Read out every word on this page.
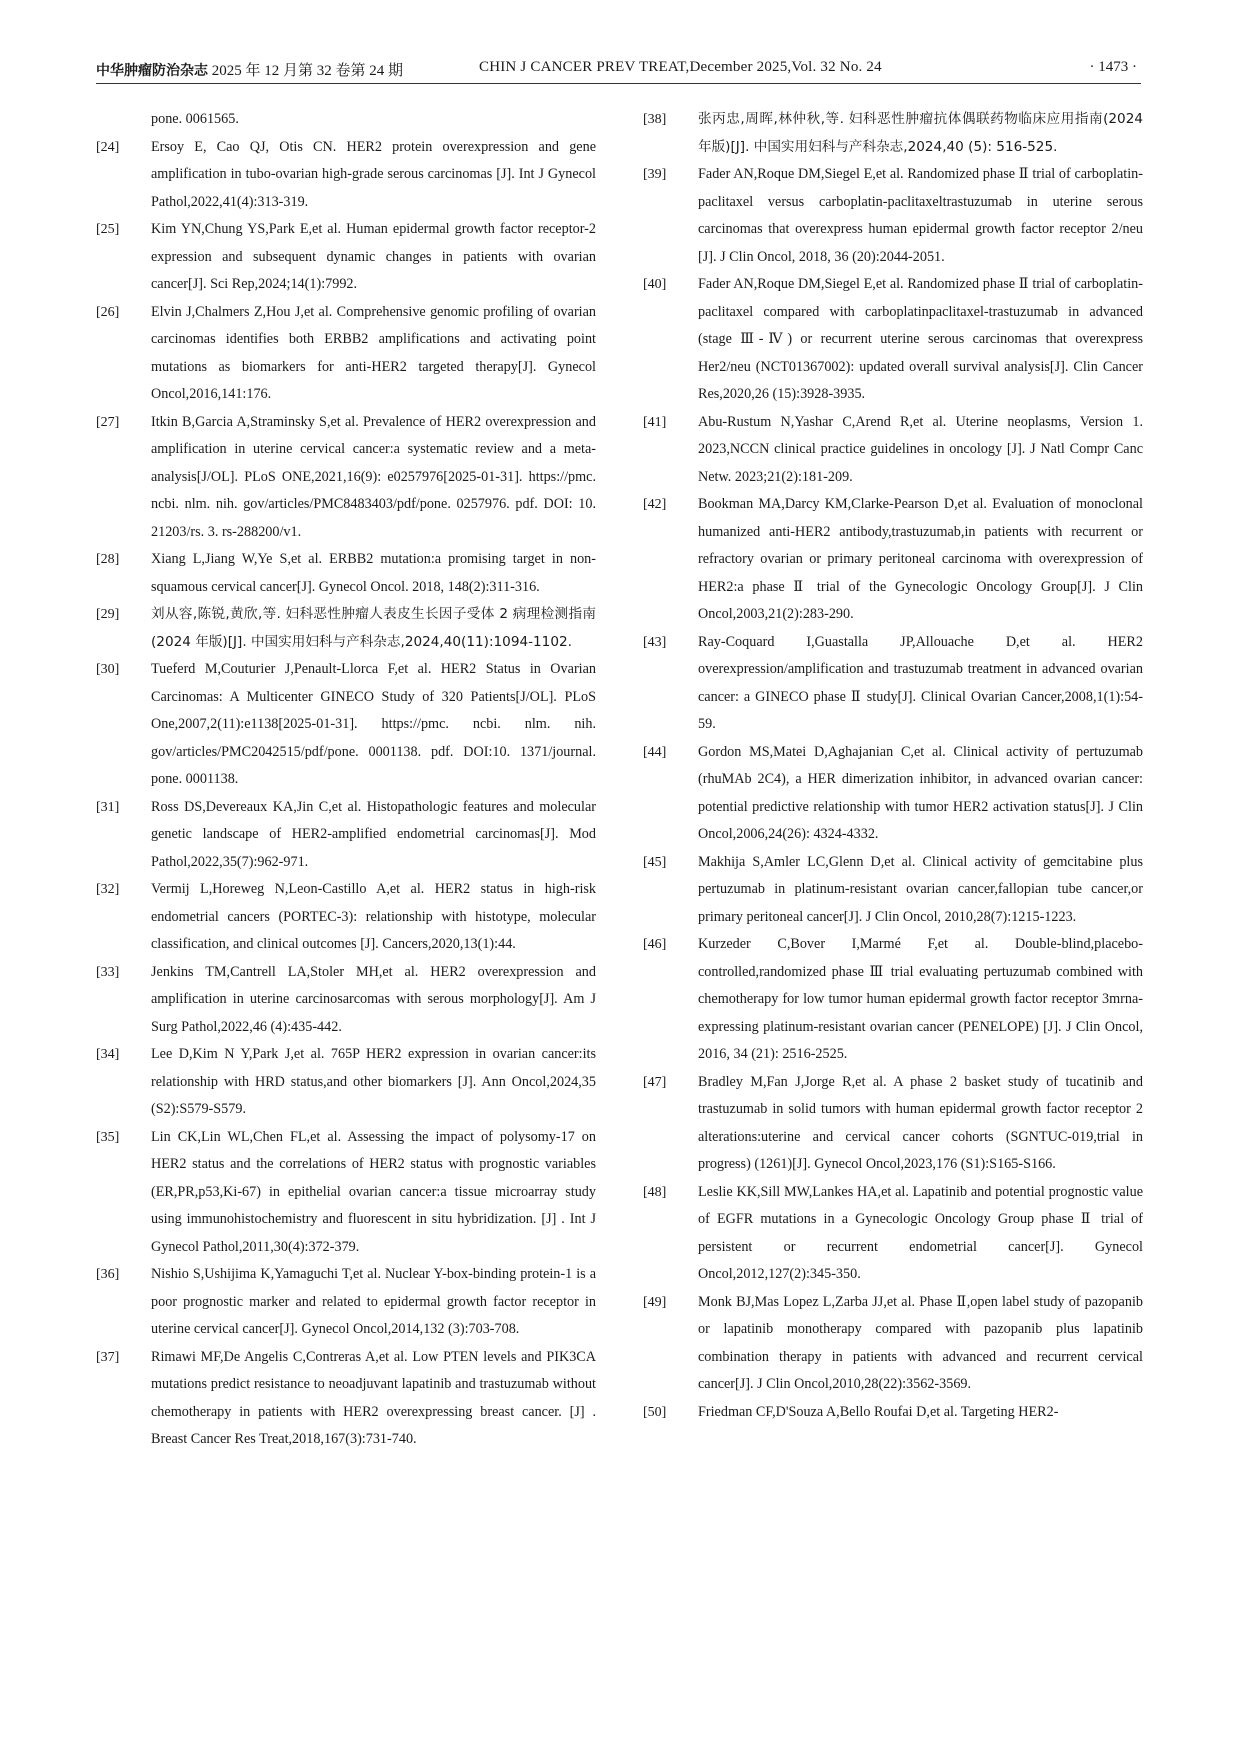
中华肿瘤防治杂志 2025 年 12 月第 32 卷第 24 期	CHIN J CANCER PREV TREAT,December 2025,Vol. 32 No. 24	· 1473 ·

pone. 0061565.

[24] Ersoy E, Cao QJ, Otis CN. HER2 protein overexpression and gene amplification in tubo-ovarian high-grade serous carcinomas [J]. Int J Gynecol Pathol,2022,41(4):313-319.

[25] Kim YN,Chung YS,Park E,et al. Human epidermal growth factor receptor-2 expression and subsequent dynamic changes in patients with ovarian cancer[J]. Sci Rep,2024;14(1):7992.

[26] Elvin J,Chalmers Z,Hou J,et al. Comprehensive genomic profiling of ovarian carcinomas identifies both ERBB2 amplifications and activating point mutations as biomarkers for anti-HER2 targeted therapy[J]. Gynecol Oncol,2016,141:176.

[27] Itkin B,Garcia A,Straminsky S,et al. Prevalence of HER2 overexpression and amplification in uterine cervical cancer:a systematic review and a meta-analysis[J/OL]. PLoS ONE,2021,16(9): e0257976[2025-01-31]. https://pmc. ncbi. nlm. nih. gov/articles/PMC8483403/pdf/pone. 0257976. pdf. DOI: 10. 21203/rs. 3. rs-288200/v1.

[28] Xiang L,Jiang W,Ye S,et al. ERBB2 mutation:a promising target in non-squamous cervical cancer[J]. Gynecol Oncol. 2018, 148(2):311-316.

[29] 刘从容,陈锐,黄欣,等. 妇科恶性肿瘤人表皮生长因子受体 2 病理检测指南(2024 年版)[J]. 中国实用妇科与产科杂志,2024,40(11):1094-1102.

[30] Tueferd M,Couturier J,Penault-Llorca F,et al. HER2 Status in Ovarian Carcinomas: A Multicenter GINECO Study of 320 Patients[J/OL]. PLoS One,2007,2(11):e1138[2025-01-31]. https://pmc. ncbi. nlm. nih. gov/articles/PMC2042515/pdf/pone. 0001138. pdf. DOI:10. 1371/journal. pone. 0001138.

[31] Ross DS,Devereaux KA,Jin C,et al. Histopathologic features and molecular genetic landscape of HER2-amplified endometrial carcinomas[J]. Mod Pathol,2022,35(7):962-971.

[32] Vermij L,Horeweg N,Leon-Castillo A,et al. HER2 status in high-risk endometrial cancers (PORTEC-3): relationship with histotype, molecular classification, and clinical outcomes [J]. Cancers,2020,13(1):44.

[33] Jenkins TM,Cantrell LA,Stoler MH,et al. HER2 overexpression and amplification in uterine carcinosarcomas with serous morphology[J]. Am J Surg Pathol,2022,46 (4):435-442.

[34] Lee D,Kim N Y,Park J,et al. 765P HER2 expression in ovarian cancer:its relationship with HRD status,and other biomarkers [J]. Ann Oncol,2024,35 (S2):S579-S579.

[35] Lin CK,Lin WL,Chen FL,et al. Assessing the impact of polysomy-17 on HER2 status and the correlations of HER2 status with prognostic variables (ER,PR,p53,Ki-67) in epithelial ovarian cancer:a tissue microarray study using immunohistochemistry and fluorescent in situ hybridization. [J] . Int J Gynecol Pathol,2011,30(4):372-379.

[36] Nishio S,Ushijima K,Yamaguchi T,et al. Nuclear Y-box-binding protein-1 is a poor prognostic marker and related to epidermal growth factor receptor in uterine cervical cancer[J]. Gynecol Oncol,2014,132 (3):703-708.

[37] Rimawi MF,De Angelis C,Contreras A,et al. Low PTEN levels and PIK3CA mutations predict resistance to neoadjuvant lapatinib and trastuzumab without chemotherapy in patients with HER2 overexpressing breast cancer. [J] . Breast Cancer Res Treat,2018,167(3):731-740.

[38] 张丙忠,周晖,林仲秋,等. 妇科恶性肿瘤抗体偶联药物临床应用指南(2024 年版)[J]. 中国实用妇科与产科杂志,2024,40 (5): 516-525.

[39] Fader AN,Roque DM,Siegel E,et al. Randomized phase Ⅱ trial of carboplatin-paclitaxel versus carboplatin-paclitaxeltrastuzumab in uterine serous carcinomas that overexpress human epidermal growth factor receptor 2/neu [J]. J Clin Oncol, 2018, 36 (20):2044-2051.

[40] Fader AN,Roque DM,Siegel E,et al. Randomized phase Ⅱ trial of carboplatin-paclitaxel compared with carboplatinpaclitaxel-trastuzumab in advanced (stage Ⅲ-Ⅳ) or recurrent uterine serous carcinomas that overexpress Her2/neu (NCT01367002): updated overall survival analysis[J]. Clin Cancer Res,2020,26 (15):3928-3935.

[41] Abu-Rustum N,Yashar C,Arend R,et al. Uterine neoplasms, Version 1. 2023,NCCN clinical practice guidelines in oncology [J]. J Natl Compr Canc Netw. 2023;21(2):181-209.

[42] Bookman MA,Darcy KM,Clarke-Pearson D,et al. Evaluation of monoclonal humanized anti-HER2 antibody,trastuzumab,in patients with recurrent or refractory ovarian or primary peritoneal carcinoma with overexpression of HER2:a phase Ⅱ trial of the Gynecologic Oncology Group[J]. J Clin Oncol,2003,21(2):283-290.

[43] Ray-Coquard I,Guastalla JP,Allouache D,et al. HER2 overexpression/amplification and trastuzumab treatment in advanced ovarian cancer: a GINECO phase Ⅱ study[J]. Clinical Ovarian Cancer,2008,1(1):54-59.

[44] Gordon MS,Matei D,Aghajanian C,et al. Clinical activity of pertuzumab (rhuMAb 2C4), a HER dimerization inhibitor, in advanced ovarian cancer: potential predictive relationship with tumor HER2 activation status[J]. J Clin Oncol,2006,24(26): 4324-4332.

[45] Makhija S,Amler LC,Glenn D,et al. Clinical activity of gemcitabine plus pertuzumab in platinum-resistant ovarian cancer,fallopian tube cancer,or primary peritoneal cancer[J]. J Clin Oncol, 2010,28(7):1215-1223.

[46] Kurzeder C,Bover I,Marmé F,et al. Double-blind,placebo-controlled,randomized phase Ⅲ trial evaluating pertuzumab combined with chemotherapy for low tumor human epidermal growth factor receptor 3mrna-expressing platinum-resistant ovarian cancer (PENELOPE) [J]. J Clin Oncol, 2016, 34 (21): 2516-2525.

[47] Bradley M,Fan J,Jorge R,et al. A phase 2 basket study of tucatinib and trastuzumab in solid tumors with human epidermal growth factor receptor 2 alterations:uterine and cervical cancer cohorts (SGNTUC-019,trial in progress) (1261)[J]. Gynecol Oncol,2023,176 (S1):S165-S166.

[48] Leslie KK,Sill MW,Lankes HA,et al. Lapatinib and potential prognostic value of EGFR mutations in a Gynecologic Oncology Group phase Ⅱ trial of persistent or recurrent endometrial cancer[J]. Gynecol Oncol,2012,127(2):345-350.

[49] Monk BJ,Mas Lopez L,Zarba JJ,et al. Phase Ⅱ,open label study of pazopanib or lapatinib monotherapy compared with pazopanib plus lapatinib combination therapy in patients with advanced and recurrent cervical cancer[J]. J Clin Oncol,2010,28(22):3562-3569.

[50] Friedman CF,D'Souza A,Bello Roufai D,et al. Targeting HER2-
